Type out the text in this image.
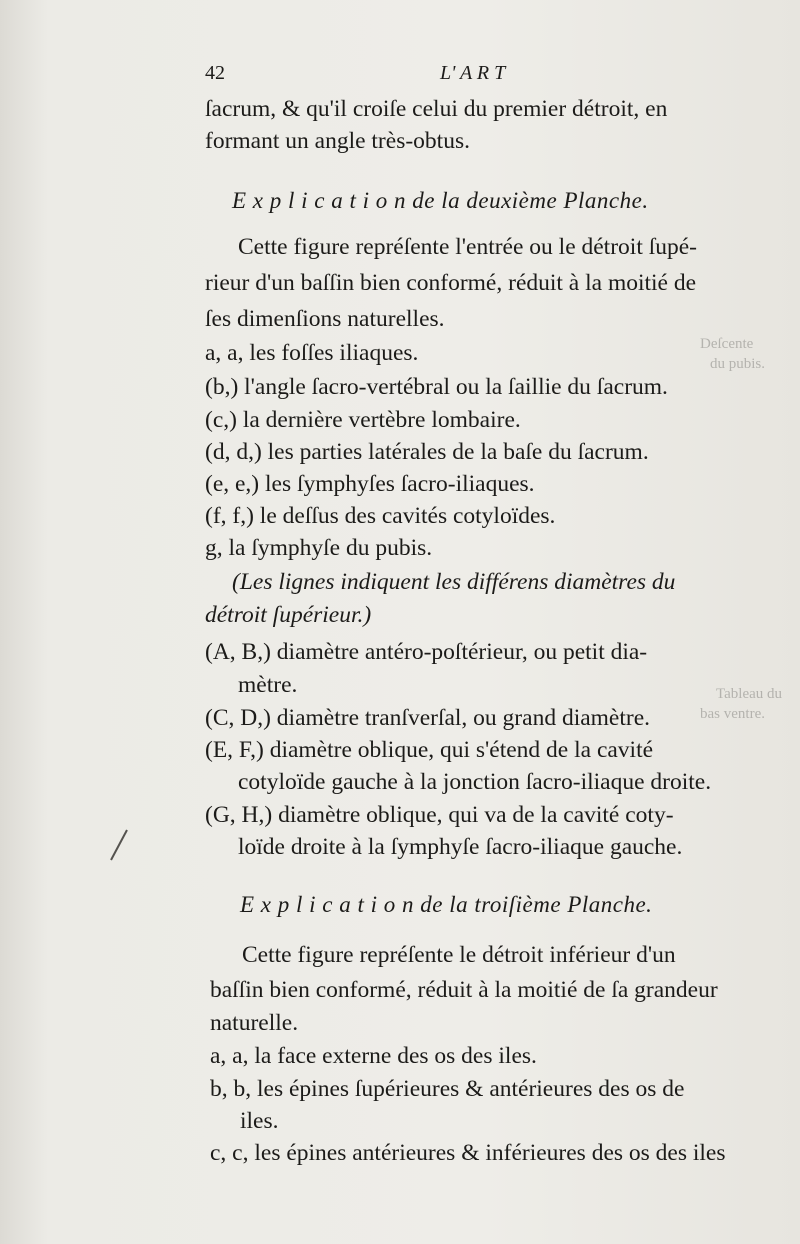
Deſcente
du pubis.
Tableau du
bas ventre.
42	L' A R T
ſacrum, & qu'il croiſe celui du premier détroit, en
formant un angle très-obtus.
E x p l i c a t i o n de la deuxième Planche.
Cette figure repréſente l'entrée ou le détroit ſupé-
rieur d'un baſſin bien conformé, réduit à la moitié de
ſes dimenſions naturelles.
a, a, les foſſes iliaques.
(b,) l'angle ſacro-vertébral ou la ſaillie du ſacrum.
(c,) la dernière vertèbre lombaire.
(d, d,) les parties latérales de la baſe du ſacrum.
(e, e,) les ſymphyſes ſacro-iliaques.
(f, f,) le deſſus des cavités cotyloïdes.
g, la ſymphyſe du pubis.
(Les lignes indiquent les différens diamètres du
détroit ſupérieur.)
(A, B,) diamètre antéro-poſtérieur, ou petit dia-
mètre.
(C, D,) diamètre tranſverſal, ou grand diamètre.
(E, F,) diamètre oblique, qui s'étend de la cavité
cotyloïde gauche à la jonction ſacro-iliaque droite.
(G, H,) diamètre oblique, qui va de la cavité coty-
loïde droite à la ſymphyſe ſacro-iliaque gauche.
E x p l i c a t i o n de la troiſième Planche.
Cette figure repréſente le détroit inférieur d'un
baſſin bien conformé, réduit à la moitié de ſa grandeur
naturelle.
a, a, la face externe des os des iles.
b, b, les épines ſupérieures & antérieures des os de
iles.
c, c, les épines antérieures & inférieures des os des iles
